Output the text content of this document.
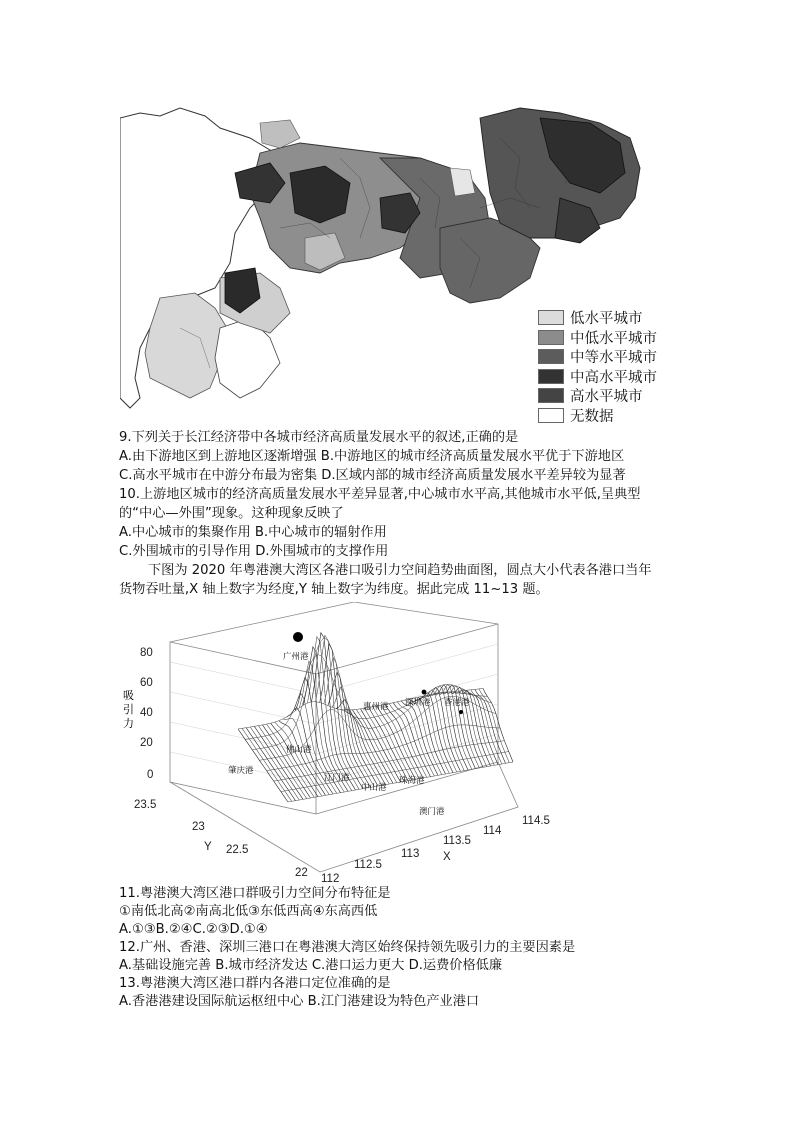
低水平城市
中低水平城市
中等水平城市
中高水平城市
高水平城市
无数据
9.下列关于长江经济带中各城市经济高质量发展水平的叙述,正确的是
A.由下游地区到上游地区逐渐增强 B.中游地区的城市经济高质量发展水平优于下游地区
C.高水平城市在中游分布最为密集 D.区域内部的城市经济高质量发展水平差异较为显著
10.上游地区城市的经济高质量发展水平差异显著,中心城市水平高,其他城市水平低,呈典型
的“中心—外围”现象。这种现象反映了
A.中心城市的集聚作用 B.中心城市的辐射作用
C.外围城市的引导作用 D.外围城市的支撑作用
下图为 2020 年粤港澳大湾区各港口吸引力空间趋势曲面图，圆点大小代表各港口当年
货物吞吐量,X 轴上数字为经度,Y 轴上数字为纬度。据此完成 11~13 题。
广州港
惠州港 深圳港 香港港
佛山港
肇庆港
江门港
中山港
珠海港
澳门港
80
60
40
20
0
吸 引 力
23.5
23
22.5
22
Y
112
112.5
113
113.5
114
114.5
X
11.粤港澳大湾区港口群吸引力空间分布特征是
①南低北高②南高北低③东低西高④东高西低
A.①③B.②④C.②③D.①④
12.广州、香港、深圳三港口在粤港澳大湾区始终保持领先吸引力的主要因素是
A.基础设施完善 B.城市经济发达 C.港口运力更大 D.运费价格低廉
13.粤港澳大湾区港口群内各港口定位准确的是
A.香港港建设国际航运枢纽中心 B.江门港建设为特色产业港口
